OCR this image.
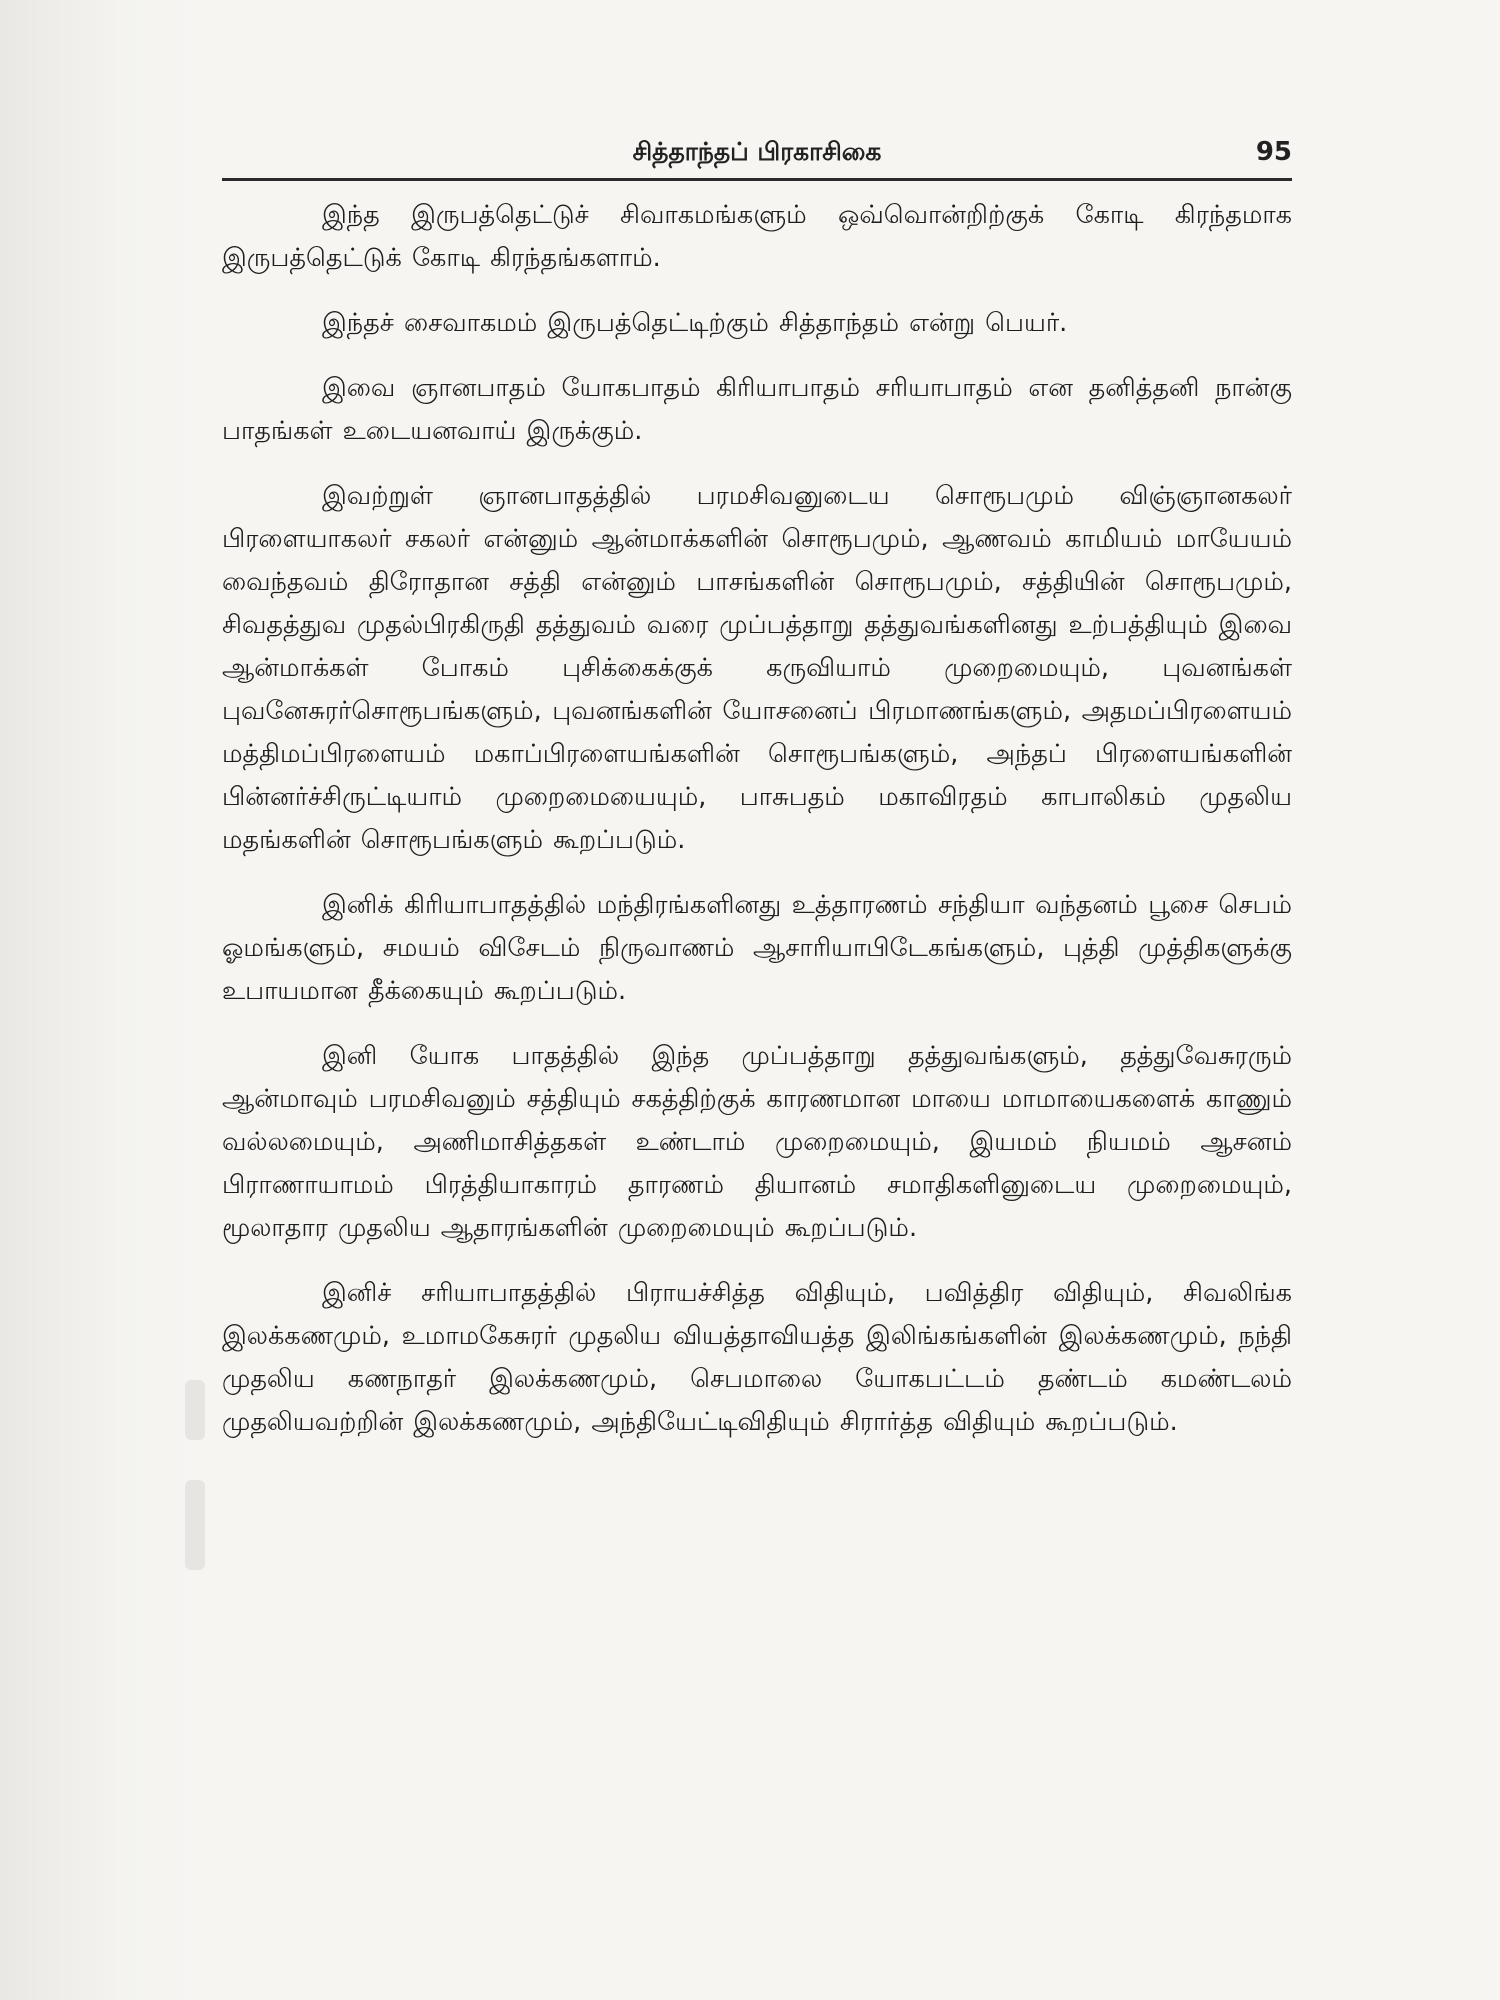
சித்தாந்தப் பிரகாசிகை	95

இந்த இருபத்தெட்டுச் சிவாகமங்களும் ஒவ்வொன்றிற்குக் கோடி கிரந்தமாக இருபத்தெட்டுக் கோடி கிரந்தங்களாம்.

இந்தச் சைவாகமம் இருபத்தெட்டிற்கும் சித்தாந்தம் என்று பெயர்.

இவை ஞானபாதம் யோகபாதம் கிரியாபாதம் சரியாபாதம் என தனித்தனி நான்கு பாதங்கள் உடையனவாய் இருக்கும்.

இவற்றுள் ஞானபாதத்தில் பரமசிவனுடைய சொரூபமும் விஞ்ஞானகலர் பிரளையாகலர் சகலர் என்னும் ஆன்மாக்களின் சொரூபமும், ஆணவம் காமியம் மாயேயம் வைந்தவம் திரோதான சத்தி என்னும் பாசங்களின் சொரூபமும், சத்தியின் சொரூபமும், சிவதத்துவ முதல்பிரகிருதி தத்துவம் வரை முப்பத்தாறு தத்துவங்களினது உற்பத்தியும் இவை ஆன்மாக்கள் போகம் புசிக்கைக்குக் கருவியாம் முறைமையும், புவனங்கள் புவனேசுரர்சொரூபங்களும், புவனங்களின் யோசனைப் பிரமாணங்களும், அதமப்பிரளையம் மத்திமப்பிரளையம் மகாப்பிரளையங்களின் சொரூபங்களும், அந்தப் பிரளையங்களின் பின்னர்ச்சிருட்டியாம் முறைமையையும், பாசுபதம் மகாவிரதம் காபாலிகம் முதலிய மதங்களின் சொரூபங்களும் கூறப்படும்.

இனிக் கிரியாபாதத்தில் மந்திரங்களினது உத்தாரணம் சந்தியா வந்தனம் பூசை செபம் ஓமங்களும், சமயம் விசேடம் நிருவாணம் ஆசாரியாபிடேகங்களும், புத்தி முத்திகளுக்கு உபாயமான தீக்கையும் கூறப்படும்.

இனி யோக பாதத்தில் இந்த முப்பத்தாறு தத்துவங்களும், தத்துவேசுரரும் ஆன்மாவும் பரமசிவனும் சத்தியும் சகத்திற்குக் காரணமான மாயை மாமாயைகளைக் காணும் வல்லமையும், அணிமாசித்தகள் உண்டாம் முறைமையும், இயமம் நியமம் ஆசனம் பிராணாயாமம் பிரத்தியாகாரம் தாரணம் தியானம் சமாதிகளினுடைய முறைமையும், மூலாதார முதலிய ஆதாரங்களின் முறைமையும் கூறப்படும்.

இனிச் சரியாபாதத்தில் பிராயச்சித்த விதியும், பவித்திர விதியும், சிவலிங்க இலக்கணமும், உமாமகேசுரர் முதலிய வியத்தாவியத்த இலிங்கங்களின் இலக்கணமும், நந்தி முதலிய கணநாதர் இலக்கணமும், செபமாலை யோகபட்டம் தண்டம் கமண்டலம் முதலியவற்றின் இலக்கணமும், அந்தியேட்டிவிதியும் சிரார்த்த விதியும் கூறப்படும்.
